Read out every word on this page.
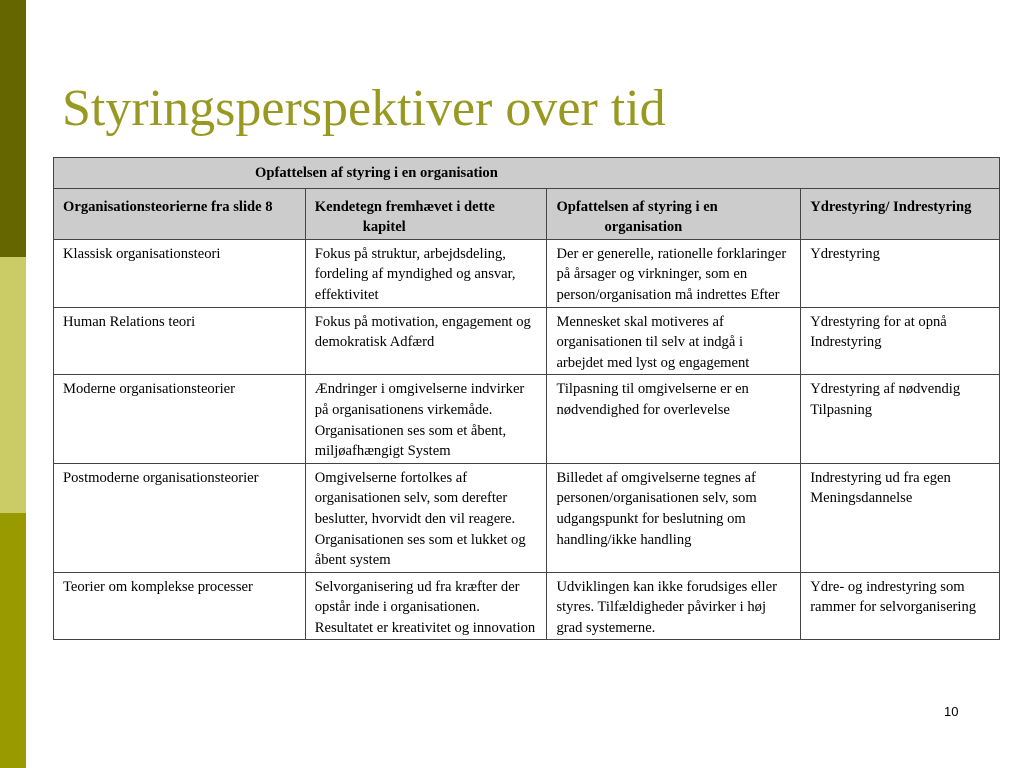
Styringsperspektiver over tid
Opfattelsen af styring i en organisation			

Organisationsteorierne fra slide 8	Kendetegn fremhævet i dette kapitel	Opfattelsen af styring i en organisation	Ydrestyring/ Indrestyring
Klassisk organisationsteori	Fokus på struktur, arbejdsdeling, fordeling af myndighed og ansvar, effektivitet	Der er generelle, rationelle forklaringer på årsager og virkninger, som en person/organisation må indrettes Efter	Ydrestyring
Human Relations teori	Fokus på motivation, engagement og demokratisk Adfærd	Mennesket skal motiveres af organisationen til selv at indgå i arbejdet med lyst og engagement	Ydrestyring for at opnå Indrestyring
Moderne organisationsteorier	Ændringer i omgivelserne indvirker på organisationens virkemåde. Organisationen ses som et åbent, miljøafhængigt System	Tilpasning til omgivelserne er en nødvendighed for overlevelse	Ydrestyring af nødvendig Tilpasning
Postmoderne organisationsteorier	Omgivelserne fortolkes af organisationen selv, som derefter beslutter, hvorvidt den vil reagere. Organisationen ses som et lukket og åbent system	Billedet af omgivelserne tegnes af personen/organisationen selv, som udgangspunkt for beslutning om handling/ikke handling	Indrestyring ud fra egen Meningsdannelse
Teorier om komplekse processer	Selvorganisering ud fra kræfter der opstår inde i organisationen. Resultatet er kreativitet og innovation	Udviklingen kan ikke forudsiges eller styres. Tilfældigheder påvirker i høj grad systemerne.	Ydre- og indrestyring som rammer for selvorganisering
10
